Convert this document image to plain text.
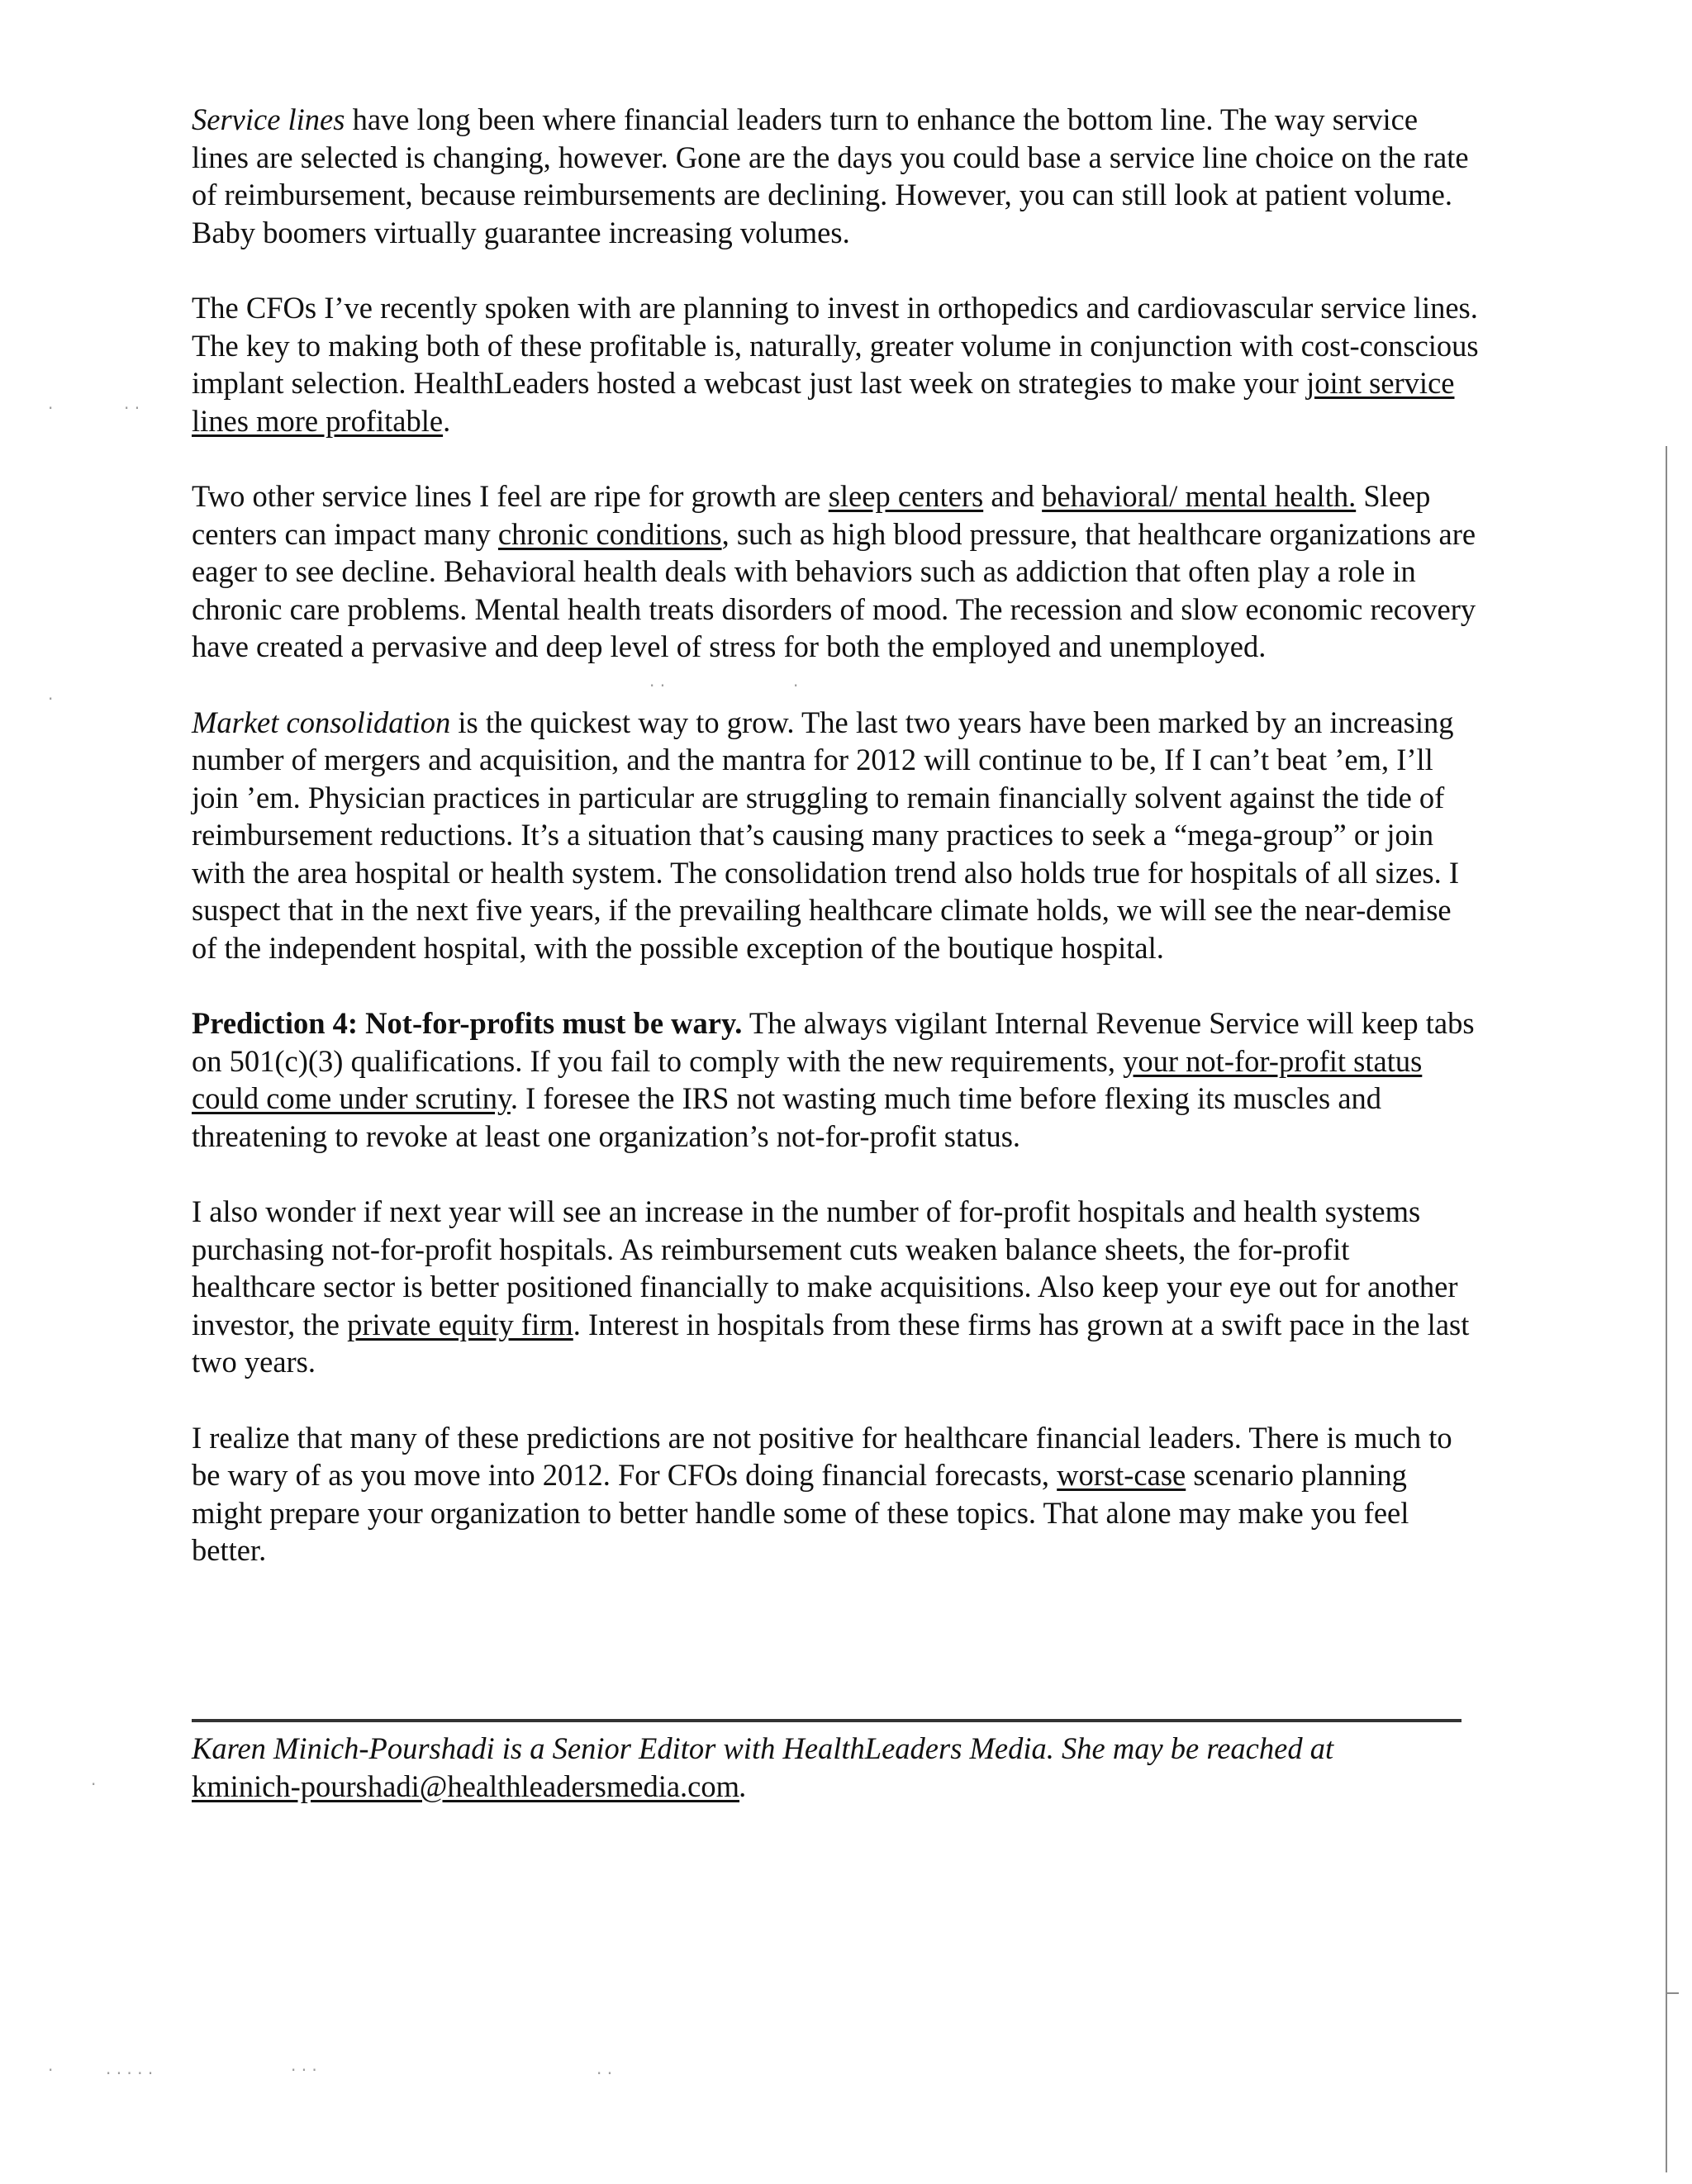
Service lines have long been where financial leaders turn to enhance the bottom line. The way service lines are selected is changing, however. Gone are the days you could base a service line choice on the rate of reimbursement, because reimbursements are declining. However, you can still look at patient volume. Baby boomers virtually guarantee increasing volumes.

The CFOs I’ve recently spoken with are planning to invest in orthopedics and cardiovascular service lines. The key to making both of these profitable is, naturally, greater volume in conjunction with cost-conscious implant selection. HealthLeaders hosted a webcast just last week on strategies to make your joint service lines more profitable.

Two other service lines I feel are ripe for growth are sleep centers and behavioral/ mental health. Sleep centers can impact many chronic conditions, such as high blood pressure, that healthcare organizations are eager to see decline. Behavioral health deals with behaviors such as addiction that often play a role in chronic care problems. Mental health treats disorders of mood. The recession and slow economic recovery have created a pervasive and deep level of stress for both the employed and unemployed.

Market consolidation is the quickest way to grow. The last two years have been marked by an increasing number of mergers and acquisition, and the mantra for 2012 will continue to be, If I can’t beat ’em, I’ll join ’em. Physician practices in particular are struggling to remain financially solvent against the tide of reimbursement reductions. It’s a situation that’s causing many practices to seek a “mega-group” or join with the area hospital or health system. The consolidation trend also holds true for hospitals of all sizes. I suspect that in the next five years, if the prevailing healthcare climate holds, we will see the near-demise of the independent hospital, with the possible exception of the boutique hospital.

Prediction 4: Not-for-profits must be wary. The always vigilant Internal Revenue Service will keep tabs on 501(c)(3) qualifications. If you fail to comply with the new requirements, your not-for-profit status could come under scrutiny. I foresee the IRS not wasting much time before flexing its muscles and threatening to revoke at least one organization’s not-for-profit status.

I also wonder if next year will see an increase in the number of for-profit hospitals and health systems purchasing not-for-profit hospitals. As reimbursement cuts weaken balance sheets, the for-profit healthcare sector is better positioned financially to make acquisitions. Also keep your eye out for another investor, the private equity firm. Interest in hospitals from these firms has grown at a swift pace in the last two years.

I realize that many of these predictions are not positive for healthcare financial leaders. There is much to be wary of as you move into 2012. For CFOs doing financial forecasts, worst-case scenario planning might prepare your organization to better handle some of these topics. That alone may make you feel better.

Karen Minich-Pourshadi is a Senior Editor with HealthLeaders Media. She may be reached at
kminich-pourshadi@healthleadersmedia.com.
·	· ·
·
·
·	· · · · ·	· · ·	· ·
· ·	·
